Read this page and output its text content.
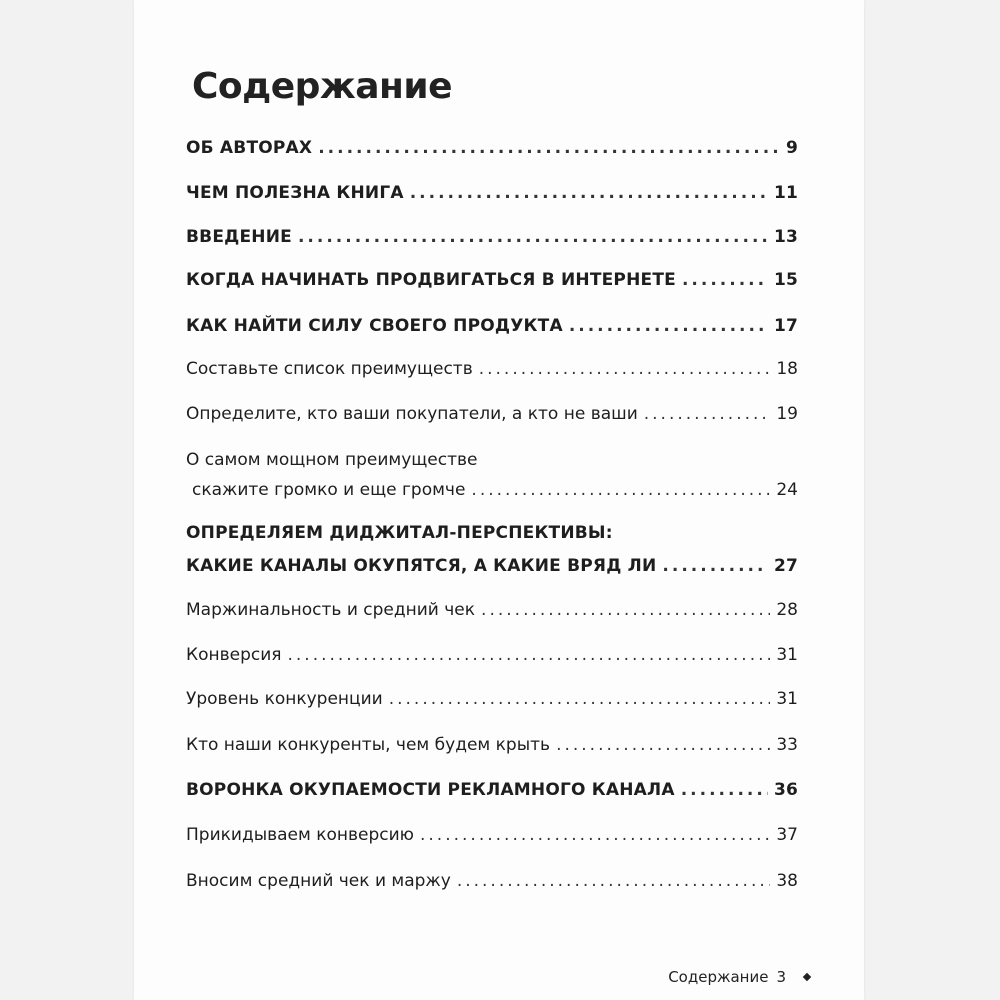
Содержание
ОБ АВТОРАХ .....	9
ЧЕМ ПОЛЕЗНА КНИГА .....	11
ВВЕДЕНИЕ .....	13
КОГДА НАЧИНАТЬ ПРОДВИГАТЬСЯ В ИНТЕРНЕТЕ .....	15
КАК НАЙТИ СИЛУ СВОЕГО ПРОДУКТА .....	17
Составьте список преимуществ .....	18
Определите, кто ваши покупатели, а кто не ваши .....	19
О самом мощном преимуществе
скажите громко и еще громче .....	24
ОПРЕДЕЛЯЕМ ДИДЖИТАЛ-ПЕРСПЕКТИВЫ:
КАКИЕ КАНАЛЫ ОКУПЯТСЯ, А КАКИЕ ВРЯД ЛИ .....	27
Маржинальность и средний чек .....	28
Конверсия .....	31
Уровень конкуренции .....	31
Кто наши конкуренты, чем будем крыть .....	33
ВОРОНКА ОКУПАЕМОСТИ РЕКЛАМНОГО КАНАЛА .....	36
Прикидываем конверсию .....	37
Вносим средний чек и маржу .....	38
Содержание 3
